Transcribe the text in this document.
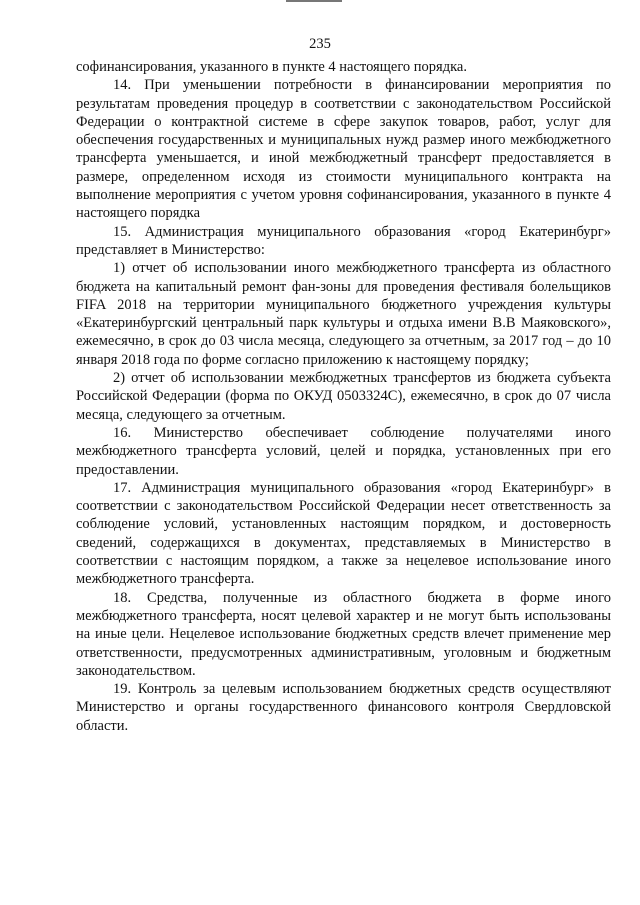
235

софинансирования, указанного в пункте 4 настоящего порядка.

14. При уменьшении потребности в финансировании мероприятия по результатам проведения процедур в соответствии с законодательством Российской Федерации о контрактной системе в сфере закупок товаров, работ, услуг для обеспечения государственных и муниципальных нужд размер иного межбюджетного трансферта уменьшается, и иной межбюджетный трансферт предоставляется в размере, определенном исходя из стоимости муниципального контракта на выполнение мероприятия с учетом уровня софинансирования, указанного в пункте 4 настоящего порядка

15. Администрация муниципального образования «город Екатеринбург» представляет в Министерство:

1) отчет об использовании иного межбюджетного трансферта из областного бюджета на капитальный ремонт фан-зоны для проведения фестиваля болельщиков FIFA 2018 на территории муниципального бюджетного учреждения культуры «Екатеринбургский центральный парк культуры и отдыха имени В.В Маяковского», ежемесячно, в срок до 03 числа месяца, следующего за отчетным, за 2017 год – до 10 января 2018 года по форме согласно приложению к настоящему порядку;

2) отчет об использовании межбюджетных трансфертов из бюджета субъекта Российской Федерации (форма по ОКУД 0503324С), ежемесячно, в срок до 07 числа месяца, следующего за отчетным.

16. Министерство обеспечивает соблюдение получателями иного межбюджетного трансферта условий, целей и порядка, установленных при его предоставлении.

17. Администрация муниципального образования «город Екатеринбург» в соответствии с законодательством Российской Федерации несет ответственность за соблюдение условий, установленных настоящим порядком, и достоверность сведений, содержащихся в документах, представляемых в Министерство в соответствии с настоящим порядком, а также за нецелевое использование иного межбюджетного трансферта.

18. Средства, полученные из областного бюджета в форме иного межбюджетного трансферта, носят целевой характер и не могут быть использованы на иные цели. Нецелевое использование бюджетных средств влечет применение мер ответственности, предусмотренных административным, уголовным и бюджетным законодательством.

19. Контроль за целевым использованием бюджетных средств осуществляют Министерство и органы государственного финансового контроля Свердловской области.
